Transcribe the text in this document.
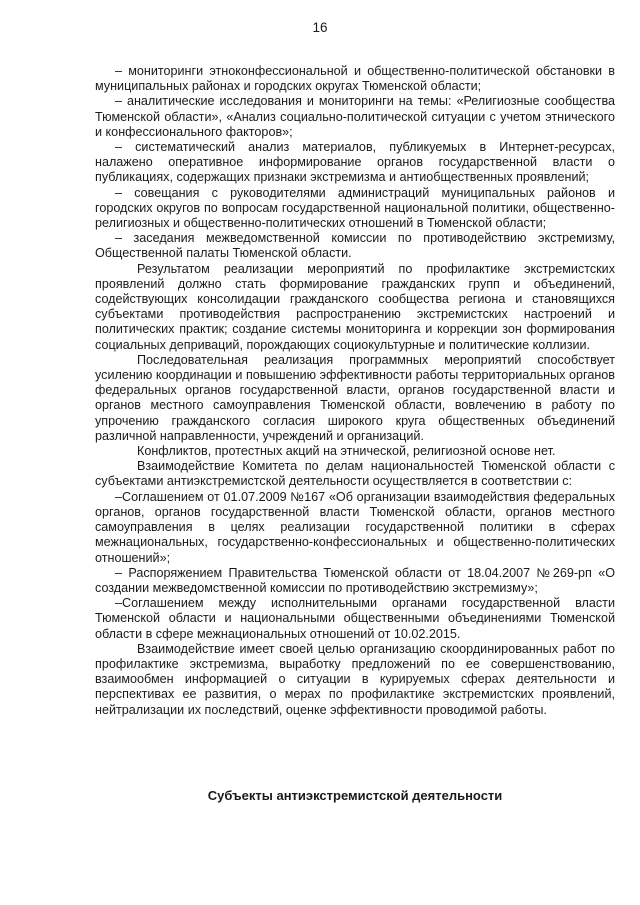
16

– мониторинги этноконфессиональной и общественно-политической обстановки в муниципальных районах и городских округах Тюменской области;

– аналитические исследования и мониторинги на темы: «Религиозные сообщества Тюменской области», «Анализ социально-политической ситуации с учетом этнического и конфессионального факторов»;

– систематический анализ материалов, публикуемых в Интернет-ресурсах, налажено оперативное информирование органов государственной власти о публикациях, содержащих признаки экстремизма и антиобщественных проявлений;

– совещания с руководителями администраций муниципальных районов и городских округов по вопросам государственной национальной политики, общественно-религиозных и общественно-политических отношений в Тюменской области;

– заседания межведомственной комиссии по противодействию экстремизму, Общественной палаты Тюменской области.

Результатом реализации мероприятий по профилактике экстремистских проявлений должно стать формирование гражданских групп и объединений, содействующих консолидации гражданского сообщества региона и становящихся субъектами противодействия распространению экстремистских настроений и политических практик; создание системы мониторинга и коррекции зон формирования социальных деприваций, порождающих социокультурные и политические коллизии.

Последовательная реализация программных мероприятий способствует усилению координации и повышению эффективности работы территориальных органов федеральных органов государственной власти, органов государственной власти и органов местного самоуправления Тюменской области, вовлечению в работу по упрочению гражданского согласия широкого круга общественных объединений различной направленности, учреждений и организаций.

Конфликтов, протестных акций на этнической, религиозной основе нет.

Взаимодействие Комитета по делам национальностей Тюменской области с субъектами антиэкстремистской деятельности осуществляется в соответствии с:

–Соглашением от 01.07.2009 №167 «Об организации взаимодействия федеральных органов, органов государственной власти Тюменской области, органов местного самоуправления в целях реализации государственной политики в сферах межнациональных, государственно-конфессиональных и общественно-политических отношений»;

– Распоряжением Правительства Тюменской области от 18.04.2007 №269-рп «О создании межведомственной комиссии по противодействию экстремизму»;

–Соглашением между исполнительными органами государственной власти Тюменской области и национальными общественными объединениями Тюменской области в сфере межнациональных отношений от 10.02.2015.

Взаимодействие имеет своей целью организацию скоординированных работ по профилактике экстремизма, выработку предложений по ее совершенствованию, взаимообмен информацией о ситуации в курируемых сферах деятельности и перспективах ее развития, о мерах по профилактике экстремистских проявлений, нейтрализации их последствий, оценке эффективности проводимой работы.

Субъекты антиэкстремистской деятельности
